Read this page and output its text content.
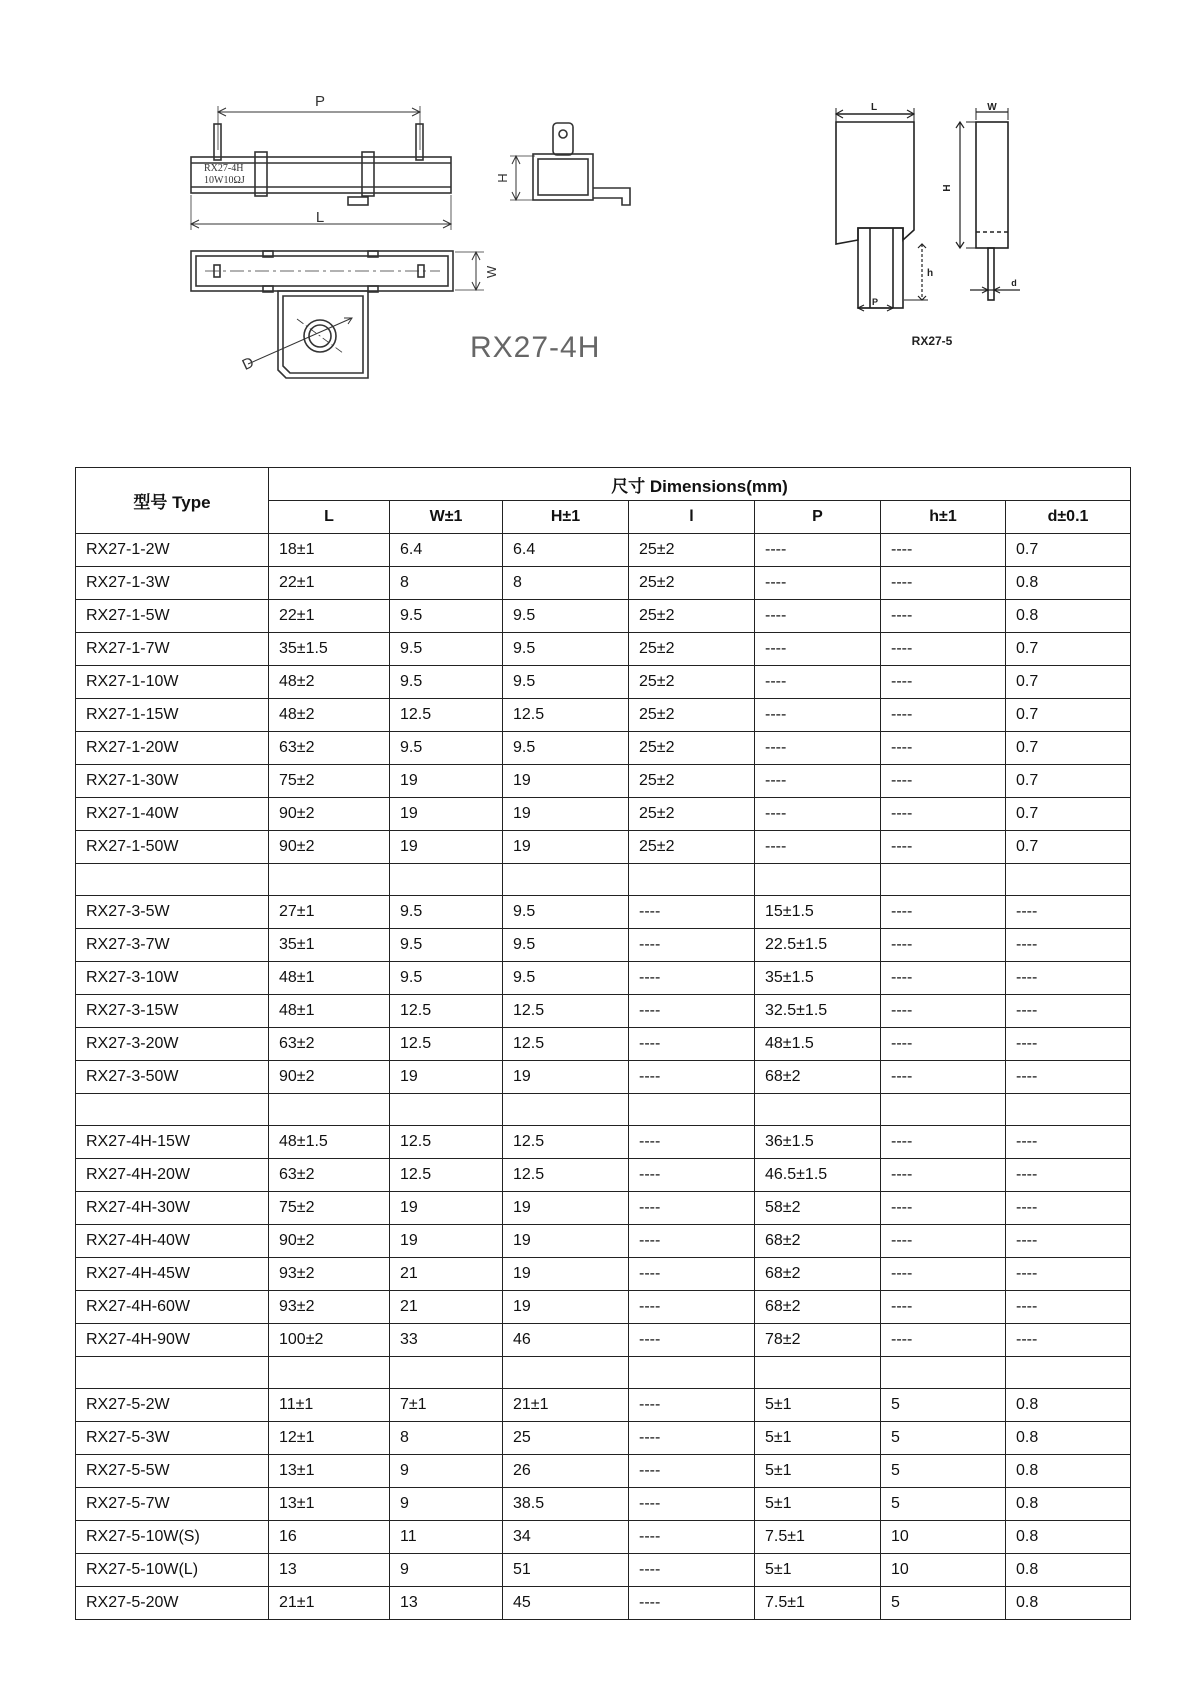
P
L
W
H
D
RX27-4H
10W10ΩJ
RX27-4H
L	W
H
h
P
d
RX27-5
型号 Type	尺寸 Dimensions(mm)						
	L	W±1	H±1	l	P	h±1	d±0.1
RX27-1-2W	18±1	6.4	6.4	25±2	----	----	0.7
RX27-1-3W	22±1	8	8	25±2	----	----	0.8
RX27-1-5W	22±1	9.5	9.5	25±2	----	----	0.8
RX27-1-7W	35±1.5	9.5	9.5	25±2	----	----	0.7
RX27-1-10W	48±2	9.5	9.5	25±2	----	----	0.7
RX27-1-15W	48±2	12.5	12.5	25±2	----	----	0.7
RX27-1-20W	63±2	9.5	9.5	25±2	----	----	0.7
RX27-1-30W	75±2	19	19	25±2	----	----	0.7
RX27-1-40W	90±2	19	19	25±2	----	----	0.7
RX27-1-50W	90±2	19	19	25±2	----	----	0.7

RX27-3-5W	27±1	9.5	9.5	----	15±1.5	----	----
RX27-3-7W	35±1	9.5	9.5	----	22.5±1.5	----	----
RX27-3-10W	48±1	9.5	9.5	----	35±1.5	----	----
RX27-3-15W	48±1	12.5	12.5	----	32.5±1.5	----	----
RX27-3-20W	63±2	12.5	12.5	----	48±1.5	----	----
RX27-3-50W	90±2	19	19	----	68±2	----	----

RX27-4H-15W	48±1.5	12.5	12.5	----	36±1.5	----	----
RX27-4H-20W	63±2	12.5	12.5	----	46.5±1.5	----	----
RX27-4H-30W	75±2	19	19	----	58±2	----	----
RX27-4H-40W	90±2	19	19	----	68±2	----	----
RX27-4H-45W	93±2	21	19	----	68±2	----	----
RX27-4H-60W	93±2	21	19	----	68±2	----	----
RX27-4H-90W	100±2	33	46	----	78±2	----	----

RX27-5-2W	11±1	7±1	21±1	----	5±1	5	0.8
RX27-5-3W	12±1	8	25	----	5±1	5	0.8
RX27-5-5W	13±1	9	26	----	5±1	5	0.8
RX27-5-7W	13±1	9	38.5	----	5±1	5	0.8
RX27-5-10W(S)	16	11	34	----	7.5±1	10	0.8
RX27-5-10W(L)	13	9	51	----	5±1	10	0.8
RX27-5-20W	21±1	13	45	----	7.5±1	5	0.8
